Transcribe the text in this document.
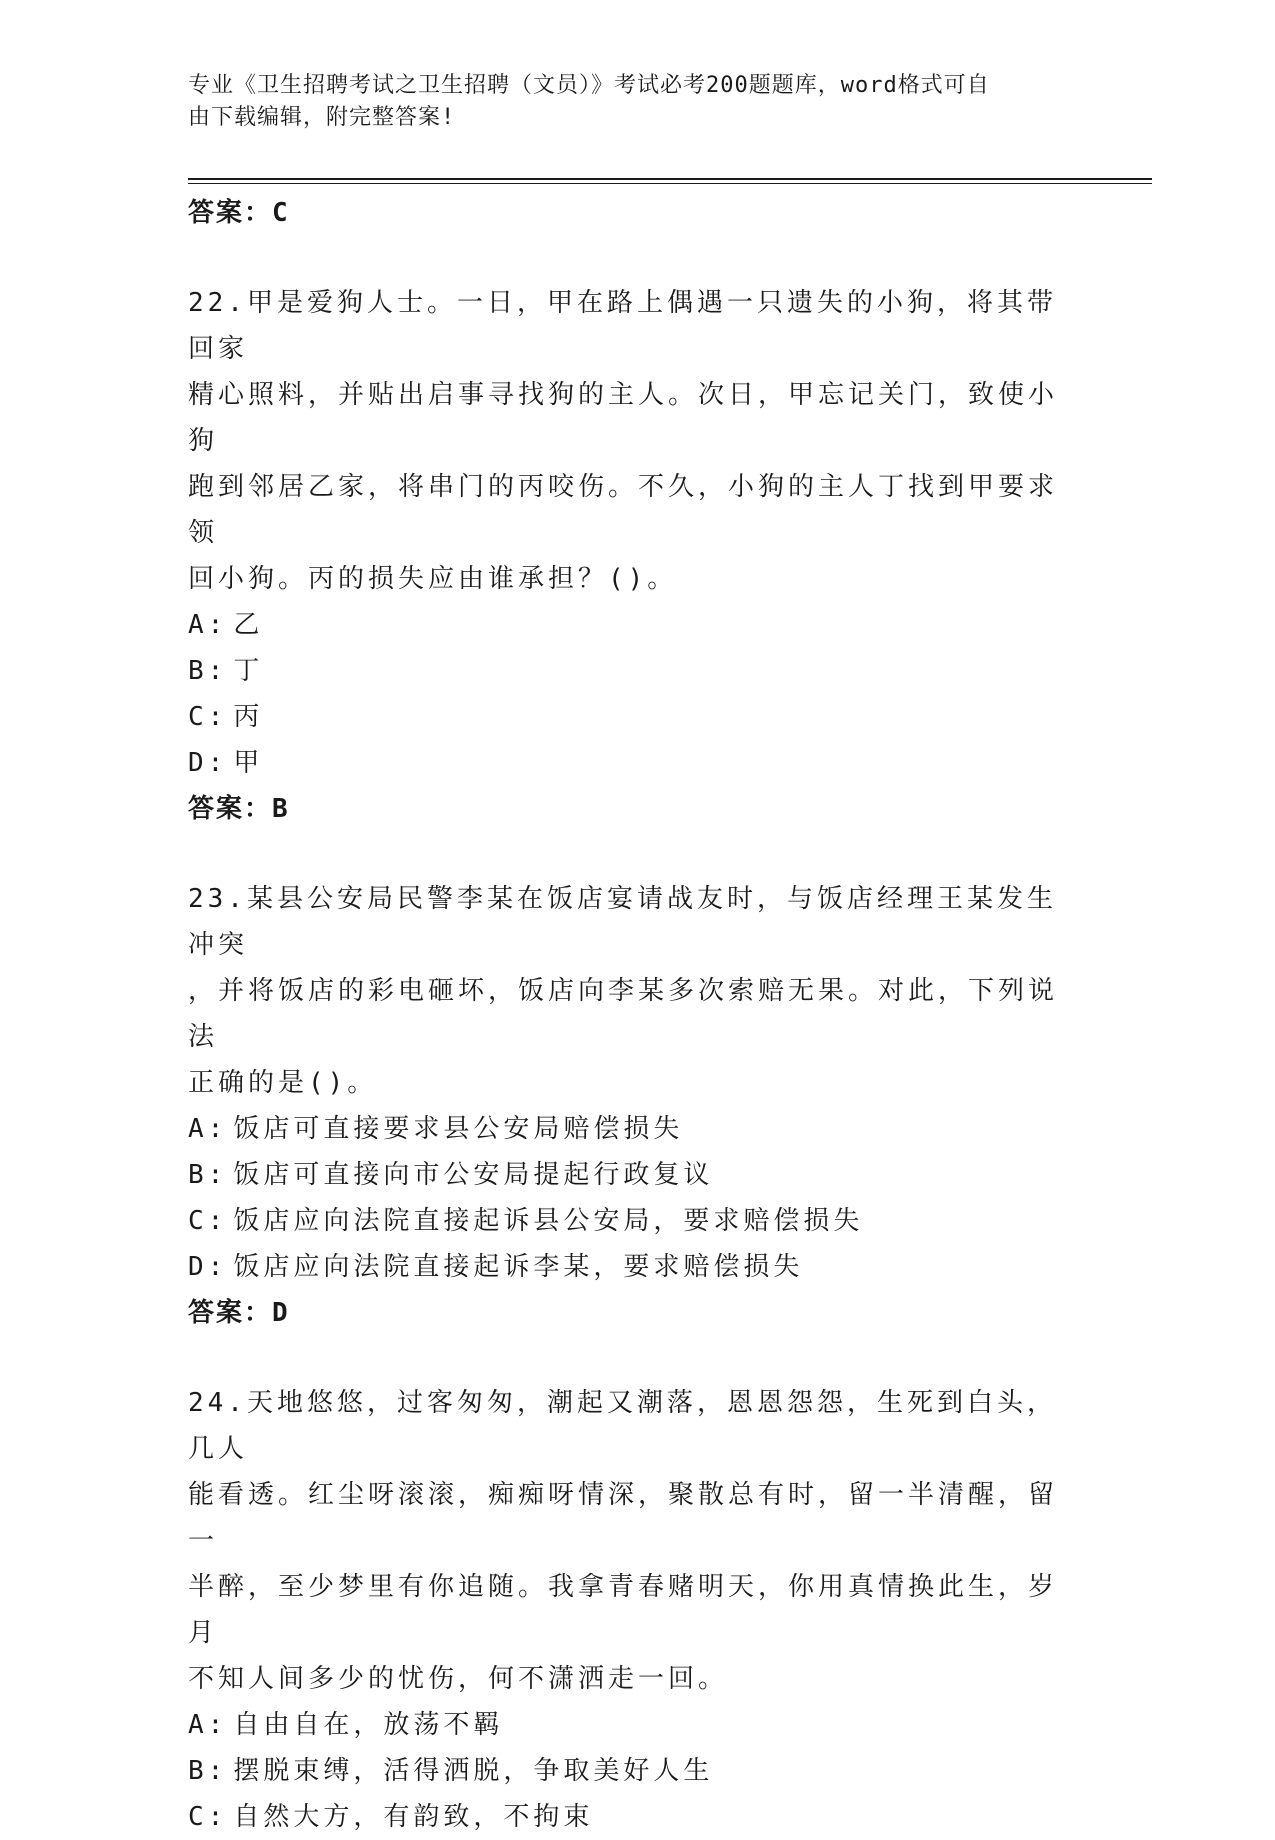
专业《卫生招聘考试之卫生招聘（文员）》考试必考200题题库，word格式可自
由下载编辑，附完整答案!

答案：C

22.甲是爱狗人士。一日，甲在路上偶遇一只遗失的小狗，将其带回家

精心照料，并贴出启事寻找狗的主人。次日，甲忘记关门，致使小狗

跑到邻居乙家，将串门的丙咬伤。不久，小狗的主人丁找到甲要求领

回小狗。丙的损失应由谁承担？()。

A: 乙

B: 丁

C: 丙

D: 甲

答案：B

23.某县公安局民警李某在饭店宴请战友时，与饭店经理王某发生冲突

，并将饭店的彩电砸坏，饭店向李某多次索赔无果。对此，下列说法

正确的是()。

A: 饭店可直接要求县公安局赔偿损失

B: 饭店可直接向市公安局提起行政复议

C: 饭店应向法院直接起诉县公安局，要求赔偿损失

D: 饭店应向法院直接起诉李某，要求赔偿损失

答案：D

24.天地悠悠，过客匆匆，潮起又潮落，恩恩怨怨，生死到白头，几人

能看透。红尘呀滚滚，痴痴呀情深，聚散总有时，留一半清醒，留一

半醉，至少梦里有你追随。我拿青春赌明天，你用真情换此生，岁月

不知人间多少的忧伤，何不潇洒走一回。

A: 自由自在，放荡不羁

B: 摆脱束缚，活得洒脱，争取美好人生

C: 自然大方，有韵致，不拘束
